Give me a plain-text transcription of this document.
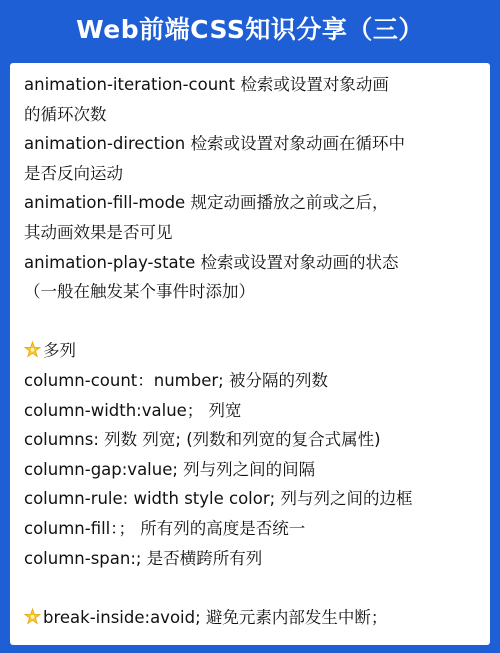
Web前端CSS知识分享（三）
animation-iteration-count 检索或设置对象动画
的循环次数
animation-direction 检索或设置对象动画在循环中
是否反向运动
animation-fill-mode 规定动画播放之前或之后，
其动画效果是否可见
animation-play-state 检索或设置对象动画的状态
（一般在触发某个事件时添加）
多列
column-count：number; 被分隔的列数
column-width:value； 列宽
columns: 列数 列宽; (列数和列宽的复合式属性)
column-gap:value; 列与列之间的间隔
column-rule: width style color; 列与列之间的边框
column-fill：； 所有列的高度是否统一
column-span:; 是否横跨所有列
break-inside:avoid; 避免元素内部发生中断；
